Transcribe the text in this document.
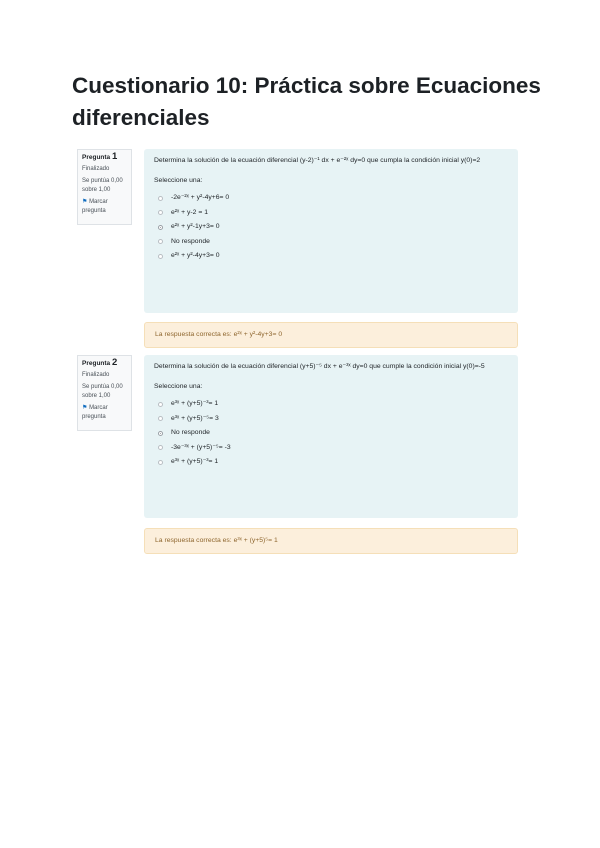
Cuestionario 10: Práctica sobre Ecuaciones diferenciales
Pregunta 1
Finalizado
Se puntúa 0,00 sobre 1,00
⚑ Marcar pregunta
Determina la solución de la ecuación diferencial (y-2)⁻¹ dx + e⁻²ˣ dy=0 que cumpla la condición inicial y(0)=2
Seleccione una:
-2e⁻²ˣ + y²-4y+6= 0
e²ˣ + y-2 = 1
e²ˣ + y²-1y+3= 0
No responde
e²ˣ + y²-4y+3= 0
La respuesta correcta es: e²ˣ + y²-4y+3= 0
Pregunta 2
Finalizado
Se puntúa 0,00 sobre 1,00
⚑ Marcar pregunta
Determina la solución de la ecuación diferencial (y+5)⁻⁵ dx + e⁻³ˣ dy=0 que cumple la condición inicial y(0)=-5
Seleccione una:
e³ˣ + (y+5)⁻³= 1
e³ˣ + (y+5)⁻⁵= 3
No responde
-3e⁻³ˣ + (y+5)⁻⁵= -3
e³ˣ + (y+5)⁻³= 1
La respuesta correcta es: e³ˣ + (y+5)⁵= 1
